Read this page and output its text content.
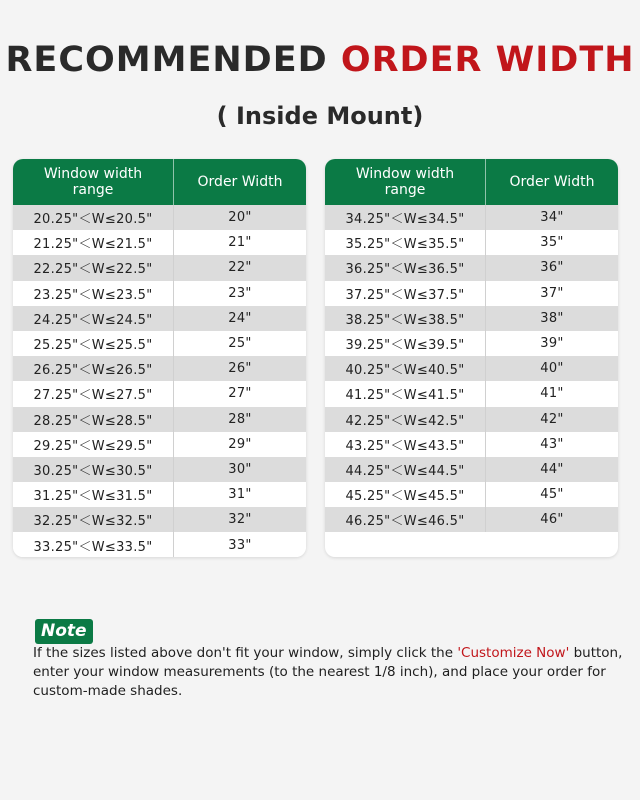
RECOMMENDED ORDER WIDTH
( Inside Mount)
Window width range	Order Width
20.25"＜W≤20.5"	20"
21.25"＜W≤21.5"	21"
22.25"＜W≤22.5"	22"
23.25"＜W≤23.5"	23"
24.25"＜W≤24.5"	24"
25.25"＜W≤25.5"	25"
26.25"＜W≤26.5"	26"
27.25"＜W≤27.5"	27"
28.25"＜W≤28.5"	28"
29.25"＜W≤29.5"	29"
30.25"＜W≤30.5"	30"
31.25"＜W≤31.5"	31"
32.25"＜W≤32.5"	32"
33.25"＜W≤33.5"	33"
Window width range	Order Width
34.25"＜W≤34.5"	34"
35.25"＜W≤35.5"	35"
36.25"＜W≤36.5"	36"
37.25"＜W≤37.5"	37"
38.25"＜W≤38.5"	38"
39.25"＜W≤39.5"	39"
40.25"＜W≤40.5"	40"
41.25"＜W≤41.5"	41"
42.25"＜W≤42.5"	42"
43.25"＜W≤43.5"	43"
44.25"＜W≤44.5"	44"
45.25"＜W≤45.5"	45"
46.25"＜W≤46.5"	46"
Note
If the sizes listed above don't fit your window, simply click the 'Customize Now' button, enter your window measurements (to the nearest 1/8 inch), and place your order for custom-made shades.
